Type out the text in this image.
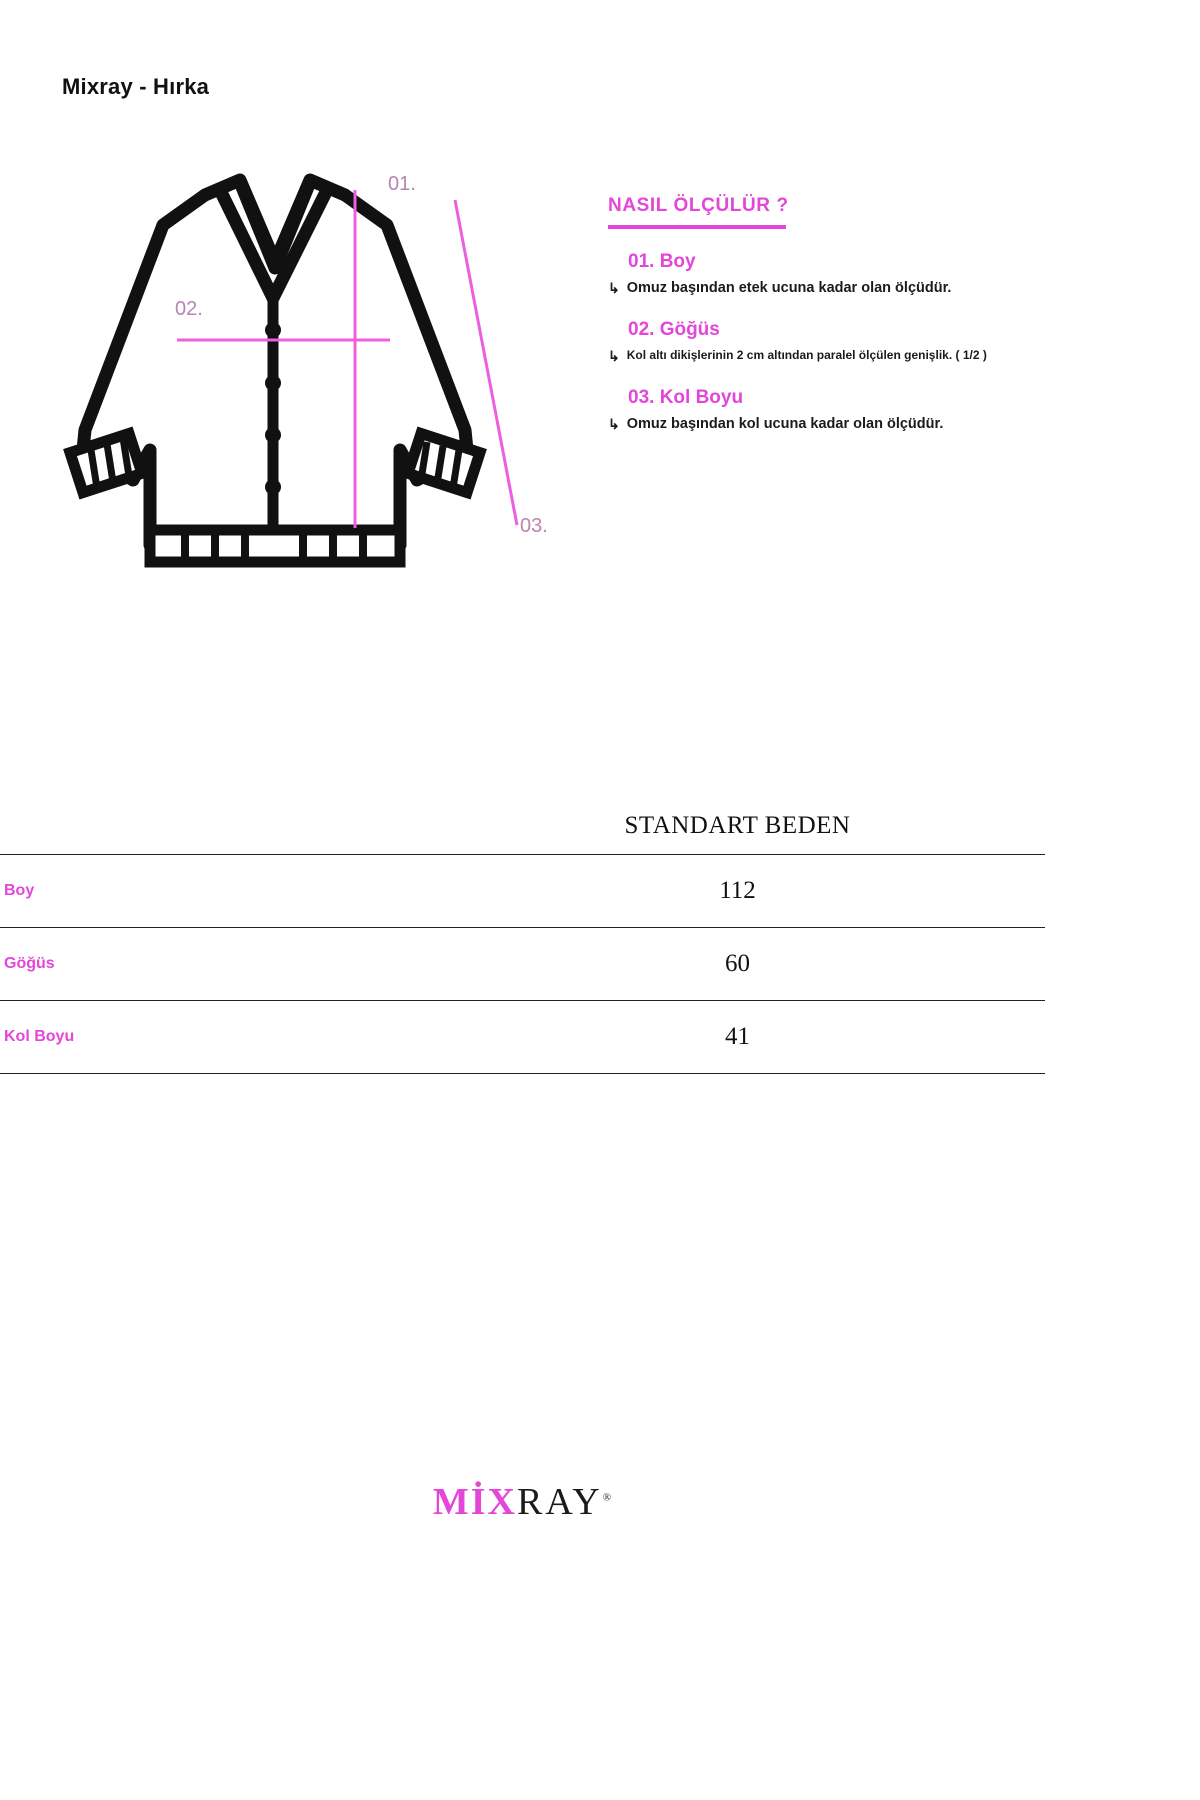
Mixray - Hırka
01.
02.
03.
NASIL ÖLÇÜLÜR ?
01. Boy
↳ Omuz başından etek ucuna kadar olan ölçüdür.
02. Göğüs
↳ Kol altı dikişlerinin 2 cm altından paralel ölçülen genişlik. ( 1/2 )
03. Kol Boyu
↳ Omuz başından kol ucuna kadar olan ölçüdür.
	STANDART BEDEN
Boy	112
Göğüs	60
Kol Boyu	41
MİXRAY®
